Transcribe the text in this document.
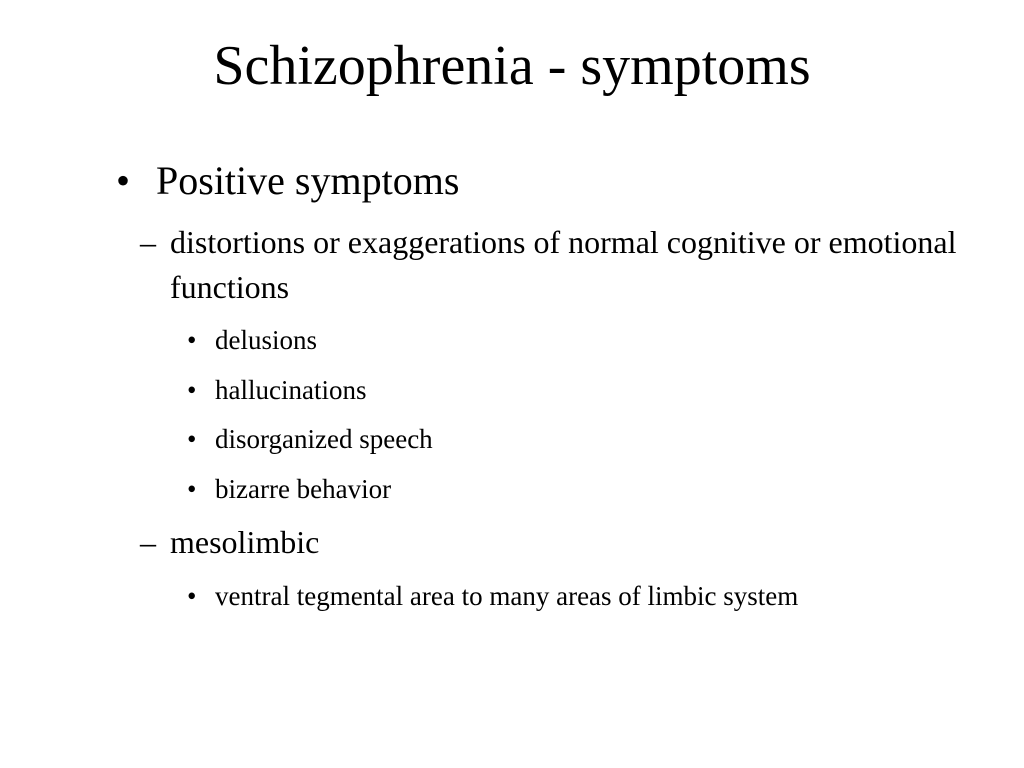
Schizophrenia - symptoms
• Positive symptoms
– distortions or exaggerations of normal cognitive or emotional functions
• delusions
• hallucinations
• disorganized speech
• bizarre behavior
– mesolimbic
• ventral tegmental area to many areas of limbic system
